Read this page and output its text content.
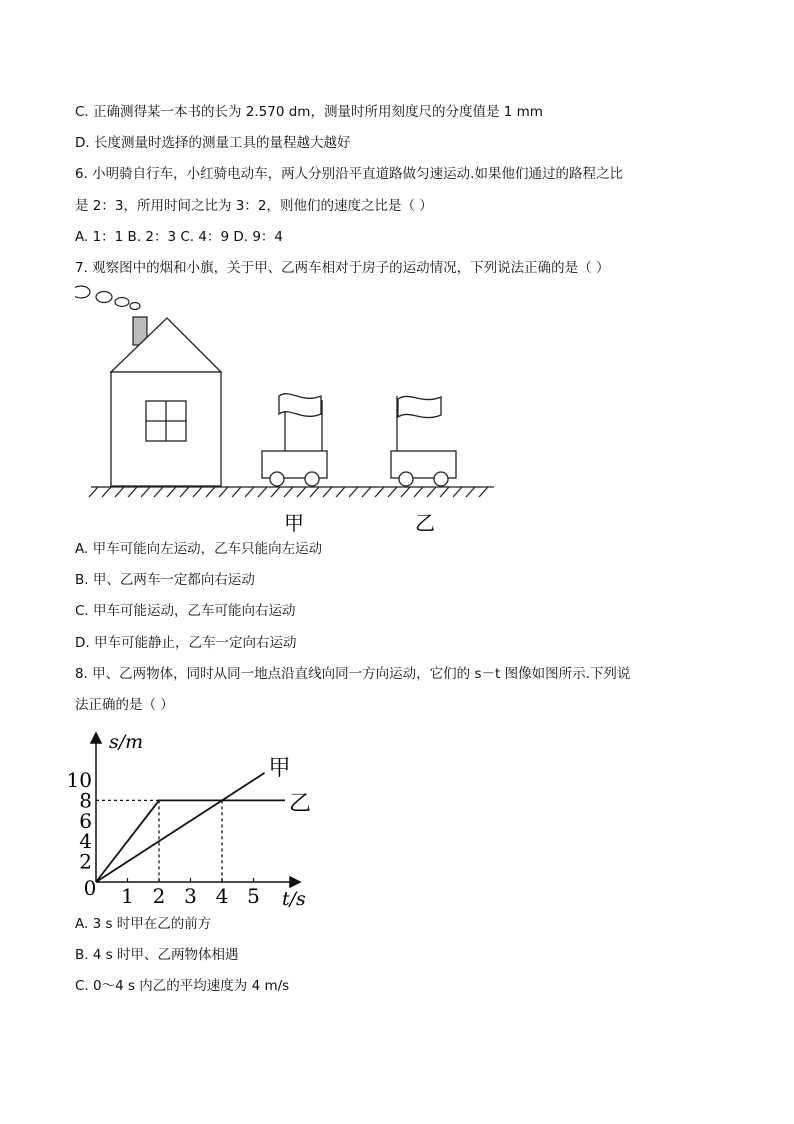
C. 正确测得某一本书的长为 2.570 dm，测量时所用刻度尺的分度值是 1 mm
D. 长度测量时选择的测量工具的量程越大越好
6. 小明骑自行车，小红骑电动车，两人分别沿平直道路做匀速运动.如果他们通过的路程之比
是 2：3，所用时间之比为 3：2，则他们的速度之比是（ ）
A. 1：1 B. 2：3 C. 4：9 D. 9：4
7. 观察图中的烟和小旗，关于甲、乙两车相对于房子的运动情况，下列说法正确的是（ ）
甲	乙
A. 甲车可能向左运动，乙车只能向左运动
B. 甲、乙两车一定都向右运动
C. 甲车可能运动，乙车可能向右运动
D. 甲车可能静止，乙车一定向右运动
8. 甲、乙两物体，同时从同一地点沿直线向同一方向运动，它们的 s－t 图像如图所示.下列说
法正确的是（ ）
甲
乙
0 1 2 3 4 5
2
4
6
8
10
s/m
t/s
A. 3 s 时甲在乙的前方
B. 4 s 时甲、乙两物体相遇
C. 0～4 s 内乙的平均速度为 4 m/s
